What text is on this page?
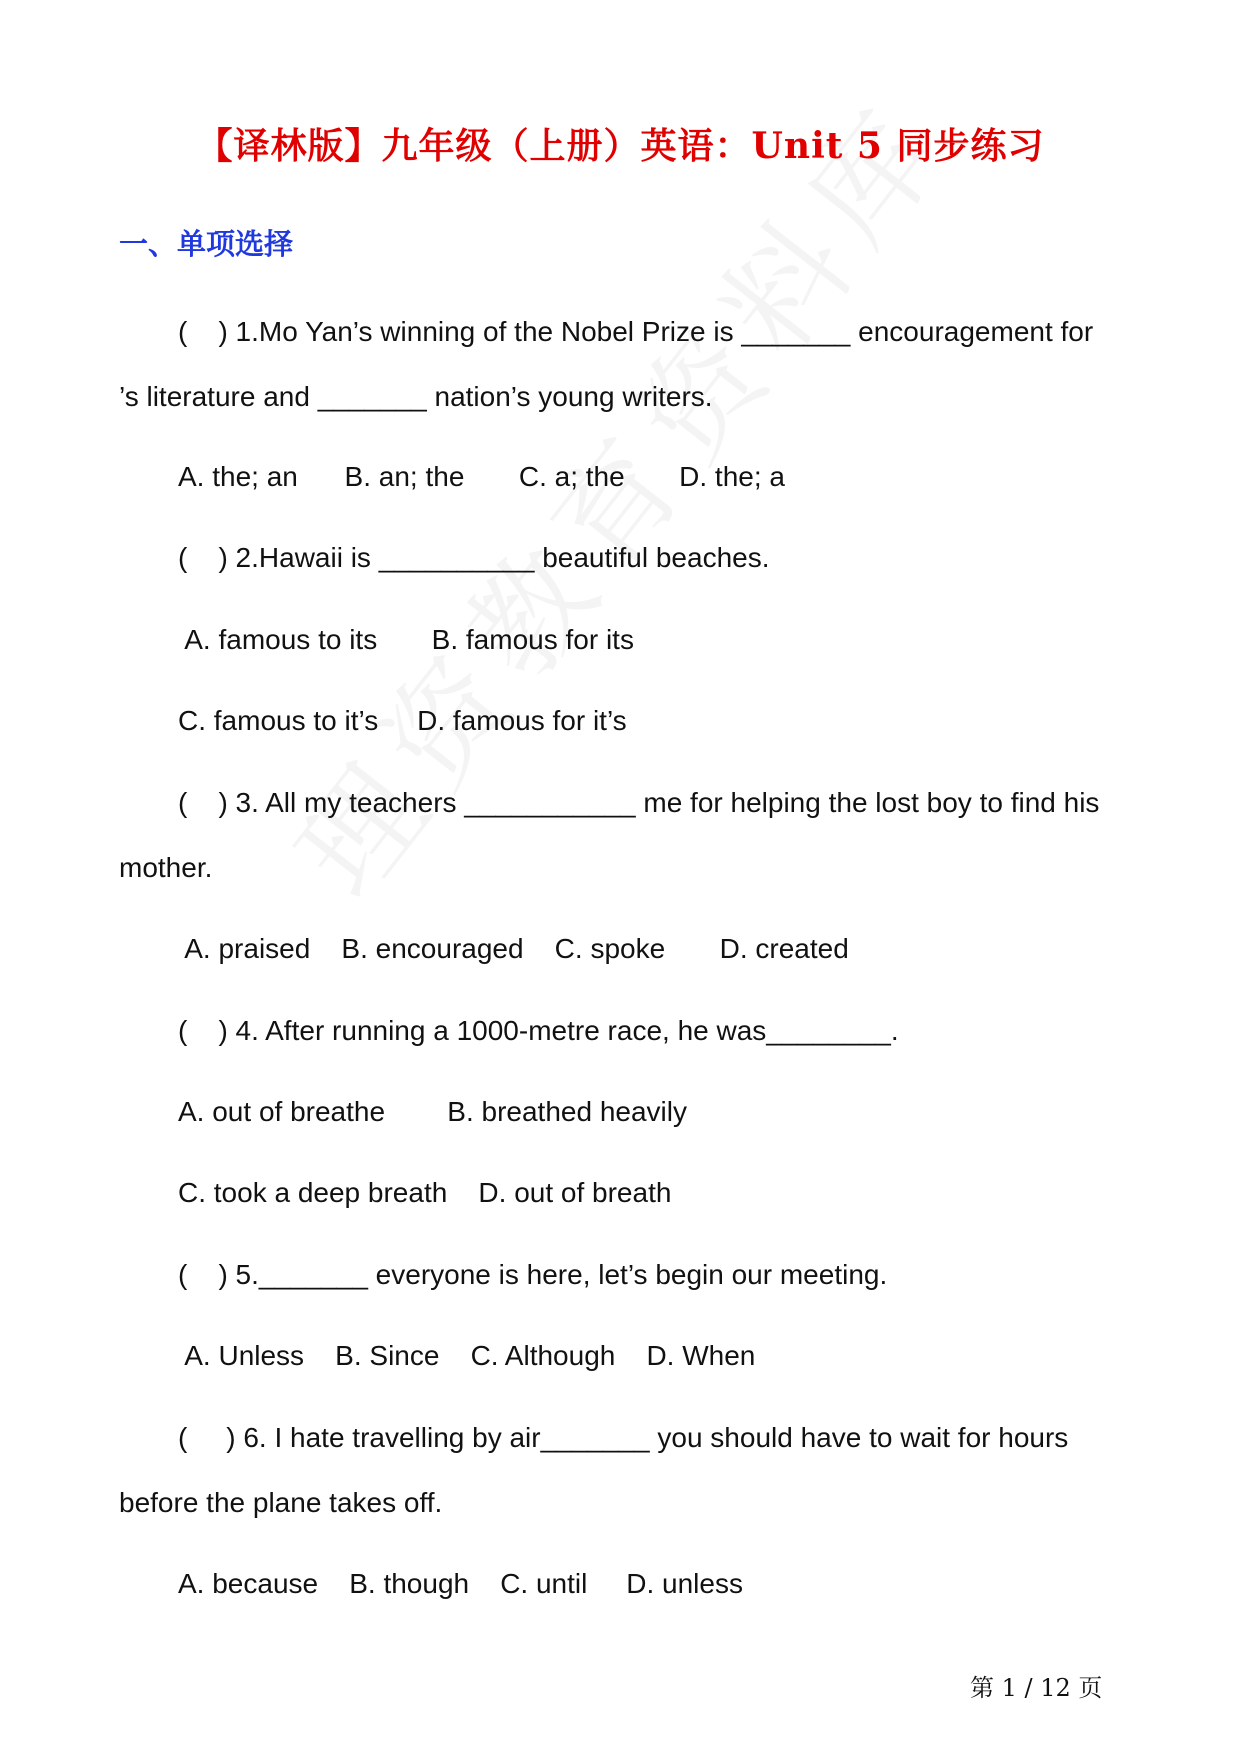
【译林版】九年级（上册）英语：Unit 5 同步练习
一、单项选择
(    ) 1.Mo Yan’s winning of the Nobel Prize is _______ encouragement for
’s literature and _______ nation’s young writers.
A. the; an      B. an; the       C. a; the       D. the; a
(    ) 2.Hawaii is __________ beautiful beaches.
A. famous to its       B. famous for its
C. famous to it’s     D. famous for it’s
(    ) 3. All my teachers ___________ me for helping the lost boy to find his
mother.
A. praised    B. encouraged    C. spoke       D. created
(    ) 4. After running a 1000-metre race, he was________.
A. out of breathe        B. breathed heavily
C. took a deep breath    D. out of breath
(    ) 5._______ everyone is here, let’s begin our meeting.
A. Unless    B. Since    C. Although    D. When
(     ) 6. I hate travelling by air_______ you should have to wait for hours
before the plane takes off.
A. because    B. though    C. until     D. unless
第 1 / 12 页
